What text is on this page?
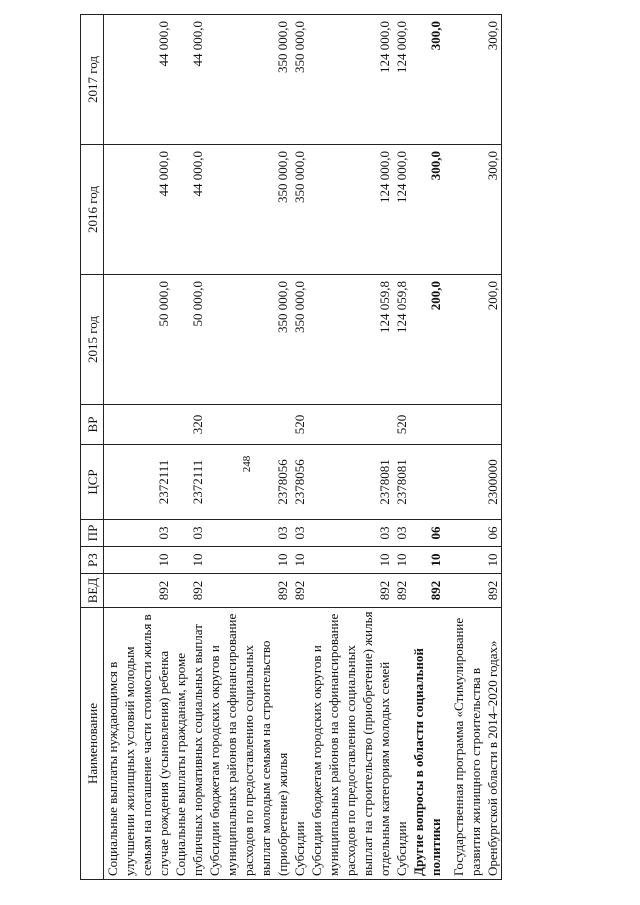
248
Наименование	ВЕД	РЗ	ПР	ЦСР	ВР	2015 год	2016 год	2017 год
Социальные выплаты нуждающимся в улучшении жилищных условий молодым семьям на погашение части стоимости жилья в случае рождения (усыновления) ребенка	892	10	03	2372111		50 000,0	44 000,0	44 000,0
Социальные выплаты гражданам, кроме публичных нормативных социальных выплат	892	10	03	2372111	320	50 000,0	44 000,0	44 000,0
Субсидии бюджетам городских округов и муниципальных районов на софинансирование расходов по предоставлению социальных выплат молодым семьям на строительство (приобретение) жилья	892	10	03	2378056		350 000,0	350 000,0	350 000,0
Субсидии	892	10	03	2378056	520	350 000,0	350 000,0	350 000,0
Субсидии бюджетам городских округов и муниципальных районов на софинансирование расходов по предоставлению социальных выплат на строительство (приобретение) жилья отдельным категориям молодых семей	892	10	03	2378081		124 059,8	124 000,0	124 000,0
Субсидии	892	10	03	2378081	520	124 059,8	124 000,0	124 000,0
Другие вопросы в области социальной политики	892	10	06			200,0	300,0	300,0

Государственная программа «Стимулирование развития жилищного строительства в Оренбургской области в 2014–2020 годах»	892	10	06	2300000		200,0	300,0	300,0
